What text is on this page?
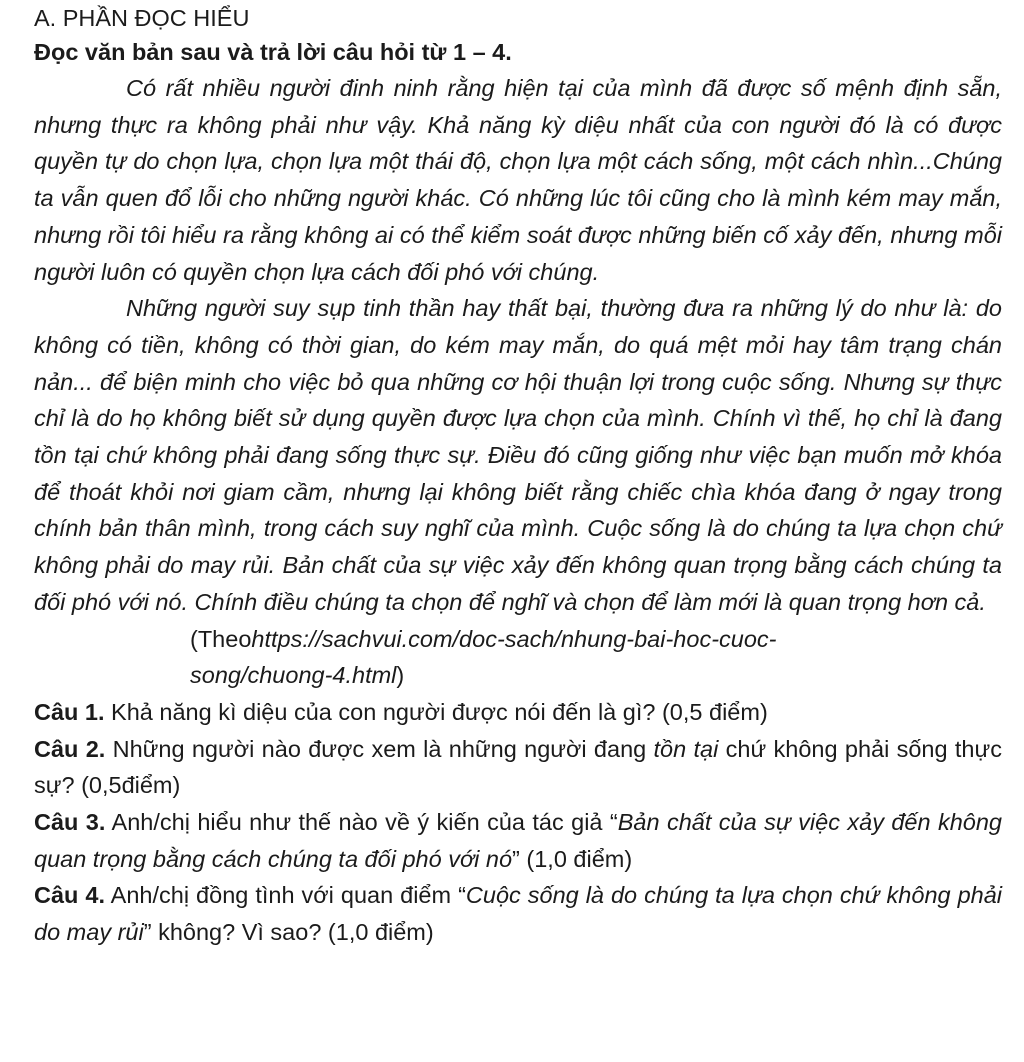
A. PHẦN ĐỌC HIỂU
Đọc văn bản sau và trả lời câu hỏi từ 1 – 4.

Có rất nhiều người đinh ninh rằng hiện tại của mình đã được số mệnh định sẵn, nhưng thực ra không phải như vậy. Khả năng kỳ diệu nhất của con người đó là có được quyền tự do chọn lựa, chọn lựa một thái độ, chọn lựa một cách sống, một cách nhìn...Chúng ta vẫn quen đổ lỗi cho những người khác. Có những lúc tôi cũng cho là mình kém may mắn, nhưng rồi tôi hiểu ra rằng không ai có thể kiểm soát được những biến cố xảy đến, nhưng mỗi người luôn có quyền chọn lựa cách đối phó với chúng.

Những người suy sụp tinh thần hay thất bại, thường đưa ra những lý do như là: do không có tiền, không có thời gian, do kém may mắn, do quá mệt mỏi hay tâm trạng chán nản... để biện minh cho việc bỏ qua những cơ hội thuận lợi trong cuộc sống. Nhưng sự thực chỉ là do họ không biết sử dụng quyền được lựa chọn của mình. Chính vì thế, họ chỉ là đang tồn tại chứ không phải đang sống thực sự. Điều đó cũng giống như việc bạn muốn mở khóa để thoát khỏi nơi giam cầm, nhưng lại không biết rằng chiếc chìa khóa đang ở ngay trong chính bản thân mình, trong cách suy nghĩ của mình. Cuộc sống là do chúng ta lựa chọn chứ không phải do may rủi. Bản chất của sự việc xảy đến không quan trọng bằng cách chúng ta đối phó với nó. Chính điều chúng ta chọn để nghĩ và chọn để làm mới là quan trọng hơn cả.

(Theohttps://sachvui.com/doc-sach/nhung-bai-hoc-cuoc-song/chuong-4.html)

Câu 1. Khả năng kì diệu của con người được nói đến là gì? (0,5 điểm)

Câu 2. Những người nào được xem là những người đang tồn tại chứ không phải sống thực sự? (0,5điểm)

Câu 3. Anh/chị hiểu như thế nào về ý kiến của tác giả “Bản chất của sự việc xảy đến không quan trọng bằng cách chúng ta đối phó với nó” (1,0 điểm)

Câu 4. Anh/chị đồng tình với quan điểm “Cuộc sống là do chúng ta lựa chọn chứ không phải do may rủi” không? Vì sao? (1,0 điểm)
